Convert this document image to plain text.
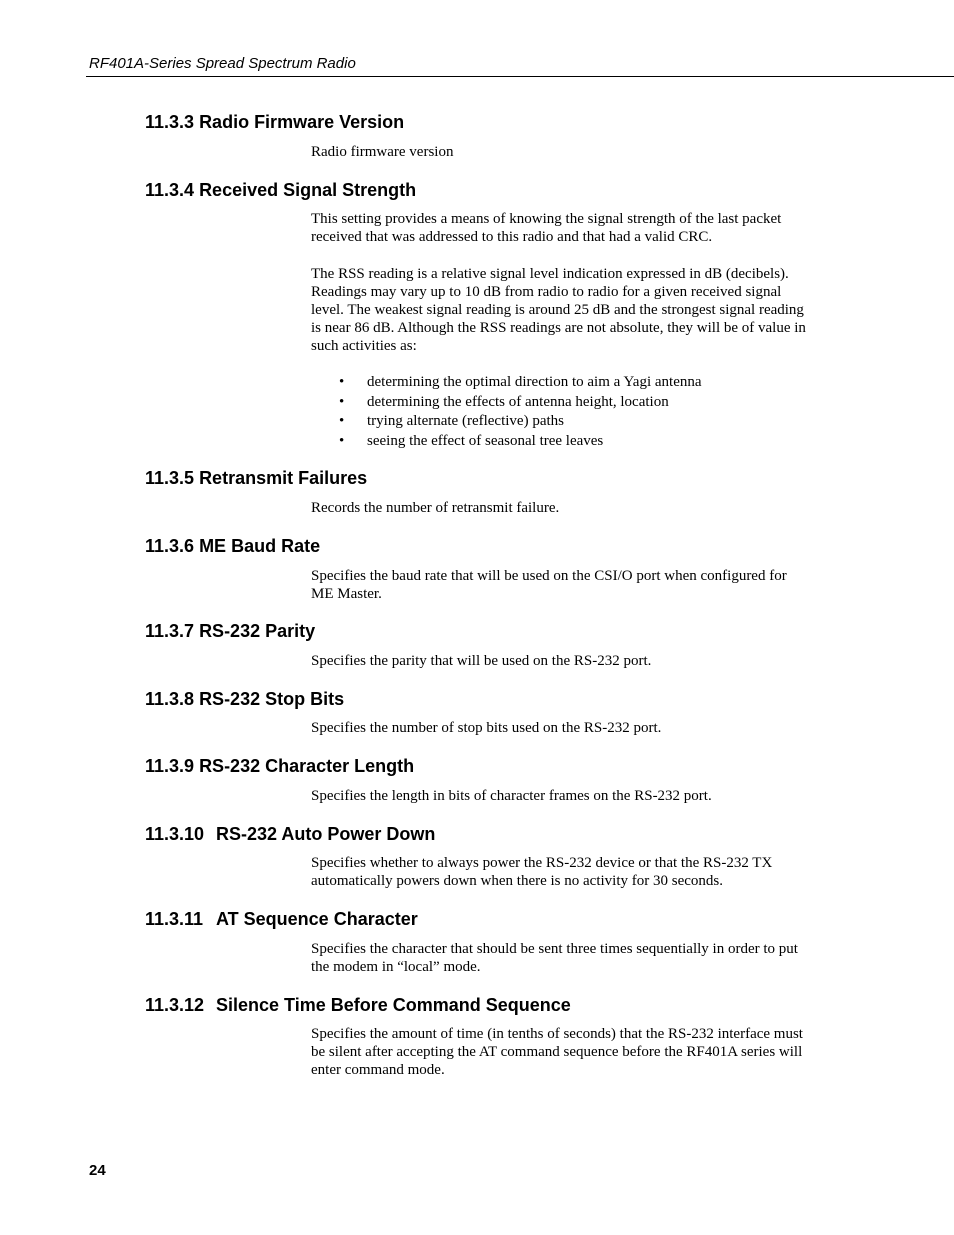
RF401A-Series Spread Spectrum Radio
11.3.3 Radio Firmware Version
Radio firmware version
11.3.4 Received Signal Strength
This setting provides a means of knowing the signal strength of the last packet received that was addressed to this radio and that had a valid CRC.
The RSS reading is a relative signal level indication expressed in dB (decibels). Readings may vary up to 10 dB from radio to radio for a given received signal level. The weakest signal reading is around 25 dB and the strongest signal reading is near 86 dB. Although the RSS readings are not absolute, they will be of value in such activities as:
• determining the optimal direction to aim a Yagi antenna
• determining the effects of antenna height, location
• trying alternate (reflective) paths
• seeing the effect of seasonal tree leaves
11.3.5 Retransmit Failures
Records the number of retransmit failure.
11.3.6 ME Baud Rate
Specifies the baud rate that will be used on the CSI/O port when configured for ME Master.
11.3.7 RS-232 Parity
Specifies the parity that will be used on the RS-232 port.
11.3.8 RS-232 Stop Bits
Specifies the number of stop bits used on the RS-232 port.
11.3.9 RS-232 Character Length
Specifies the length in bits of character frames on the RS-232 port.
11.3.10 RS-232 Auto Power Down
Specifies whether to always power the RS-232 device or that the RS-232 TX automatically powers down when there is no activity for 30 seconds.
11.3.11 AT Sequence Character
Specifies the character that should be sent three times sequentially in order to put the modem in “local” mode.
11.3.12 Silence Time Before Command Sequence
Specifies the amount of time (in tenths of seconds) that the RS-232 interface must be silent after accepting the AT command sequence before the RF401A series will enter command mode.
24
